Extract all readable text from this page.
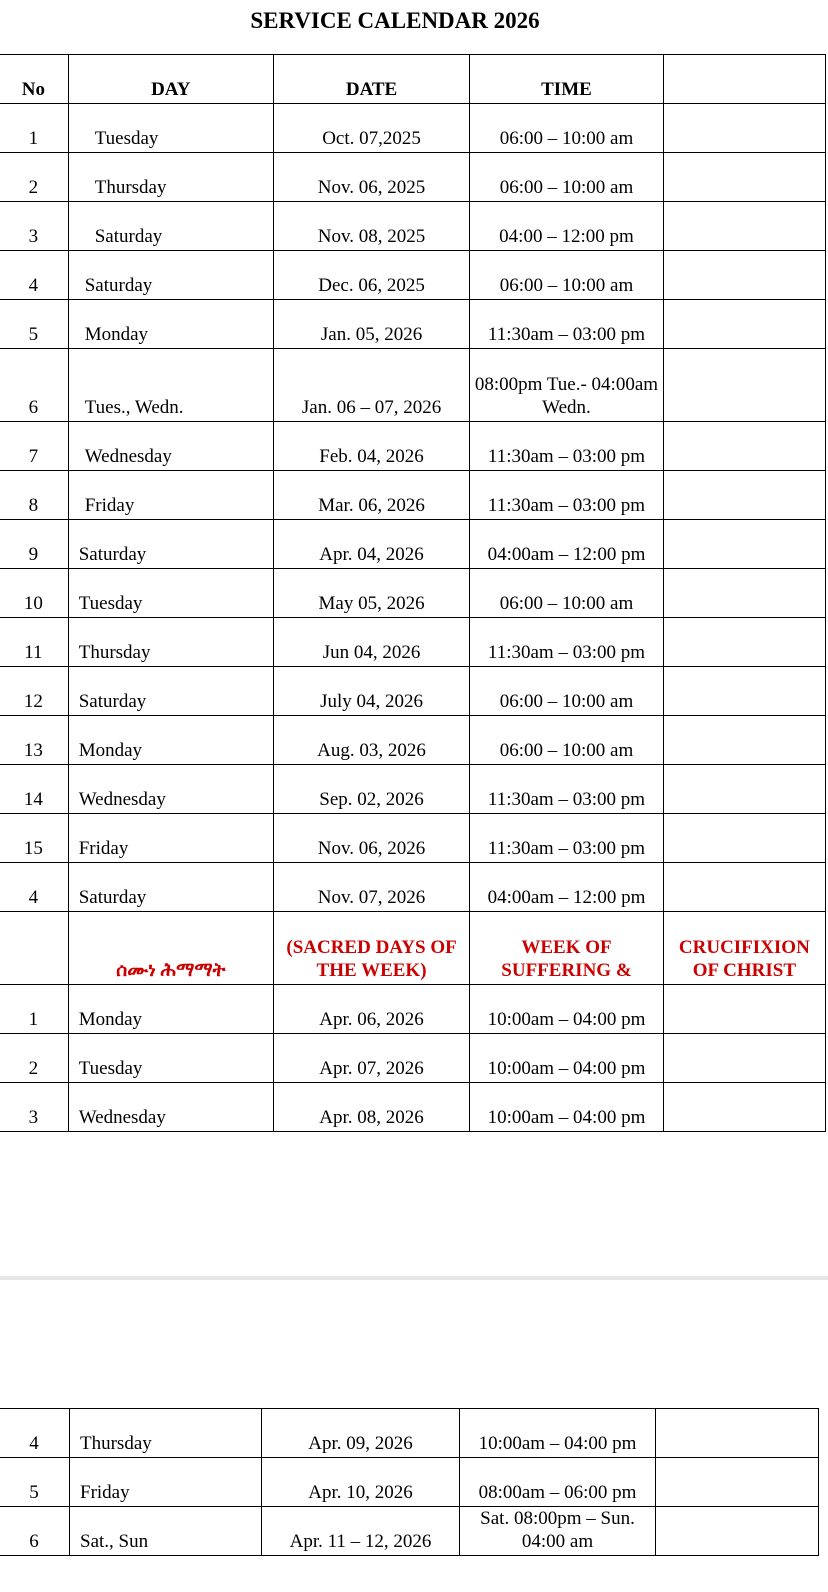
SERVICE CALENDAR 2026
No	DAY	DATE	TIME	
1	Tuesday	Oct. 07,2025	06:00 – 10:00 am	
2	Thursday	Nov. 06, 2025	06:00 – 10:00 am	
3	Saturday	Nov. 08, 2025	04:00 – 12:00 pm	
4	Saturday	Dec. 06, 2025	06:00 – 10:00 am	
5	Monday	Jan. 05, 2026	11:30am – 03:00 pm	
6	Tues., Wedn.	Jan. 06 – 07, 2026	08:00pm Tue.- 04:00am Wedn.	
7	Wednesday	Feb. 04, 2026	11:30am – 03:00 pm	
8	Friday	Mar. 06, 2026	11:30am – 03:00 pm	
9	Saturday	Apr. 04, 2026	04:00am – 12:00 pm	
10	Tuesday	May 05, 2026	06:00 – 10:00 am	
11	Thursday	Jun 04, 2026	11:30am – 03:00 pm	
12	Saturday	July 04, 2026	06:00 – 10:00 am	
13	Monday	Aug. 03, 2026	06:00 – 10:00 am	
14	Wednesday	Sep. 02, 2026	11:30am – 03:00 pm	
15	Friday	Nov. 06, 2026	11:30am – 03:00 pm	
4	Saturday	Nov. 07, 2026	04:00am – 12:00 pm	
	ሰሙነ ሕማማት	(SACRED DAYS OF THE WEEK)	WEEK OF SUFFERING &	CRUCIFIXION OF CHRIST
1	Monday	Apr. 06, 2026	10:00am – 04:00 pm	
2	Tuesday	Apr. 07, 2026	10:00am – 04:00 pm	
3	Wednesday	Apr. 08, 2026	10:00am – 04:00 pm	
4	Thursday	Apr. 09, 2026	10:00am – 04:00 pm	
5	Friday	Apr. 10, 2026	08:00am – 06:00 pm	
6	Sat., Sun	Apr. 11 – 12, 2026	Sat. 08:00pm – Sun. 04:00 am	
